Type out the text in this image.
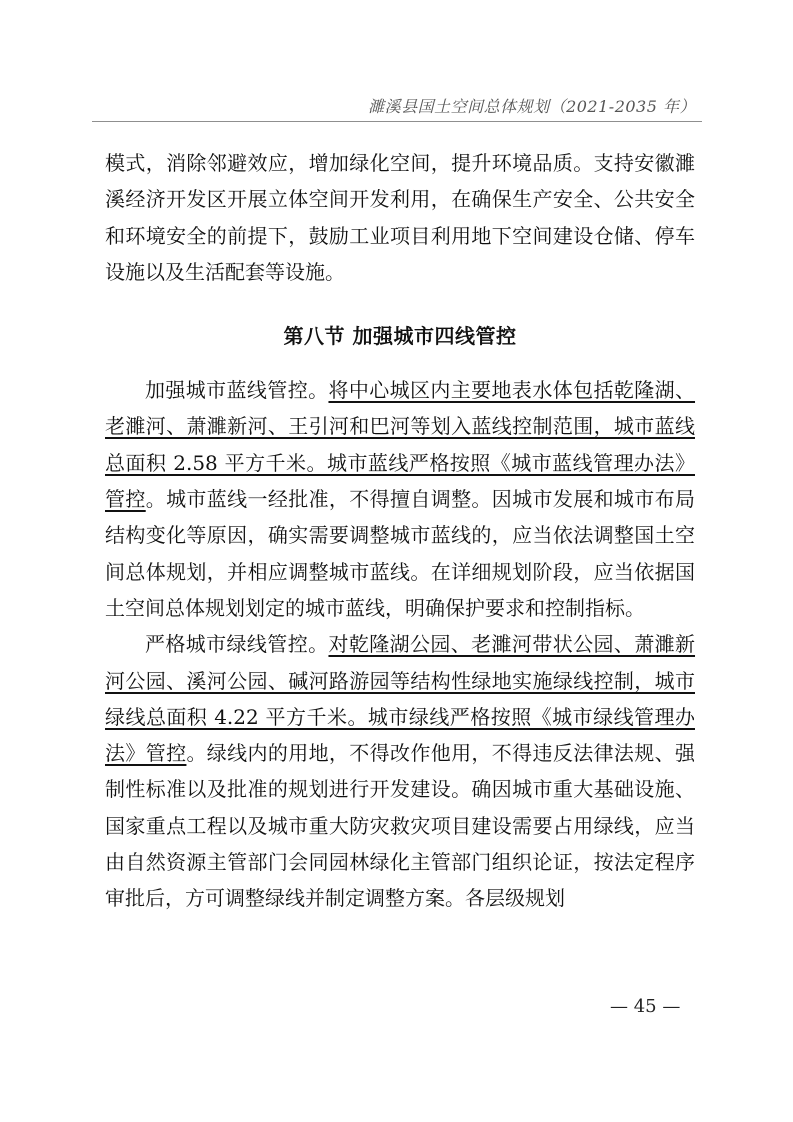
濉溪县国土空间总体规划（2021-2035 年）

模式，消除邻避效应，增加绿化空间，提升环境品质。支持安徽濉溪经济开发区开展立体空间开发利用，在确保生产安全、公共安全和环境安全的前提下，鼓励工业项目利用地下空间建设仓储、停车设施以及生活配套等设施。

第八节 加强城市四线管控

加强城市蓝线管控。将中心城区内主要地表水体包括乾隆湖、老濉河、萧濉新河、王引河和巴河等划入蓝线控制范围，城市蓝线总面积 2.58 平方千米。城市蓝线严格按照《城市蓝线管理办法》管控。城市蓝线一经批准，不得擅自调整。因城市发展和城市布局结构变化等原因，确实需要调整城市蓝线的，应当依法调整国土空间总体规划，并相应调整城市蓝线。在详细规划阶段，应当依据国土空间总体规划划定的城市蓝线，明确保护要求和控制指标。

严格城市绿线管控。对乾隆湖公园、老濉河带状公园、萧濉新河公园、溪河公园、碱河路游园等结构性绿地实施绿线控制，城市绿线总面积 4.22 平方千米。城市绿线严格按照《城市绿线管理办法》管控。绿线内的用地，不得改作他用，不得违反法律法规、强制性标准以及批准的规划进行开发建设。确因城市重大基础设施、国家重点工程以及城市重大防灾救灾项目建设需要占用绿线，应当由自然资源主管部门会同园林绿化主管部门组织论证，按法定程序审批后，方可调整绿线并制定调整方案。各层级规划

— 45 —
